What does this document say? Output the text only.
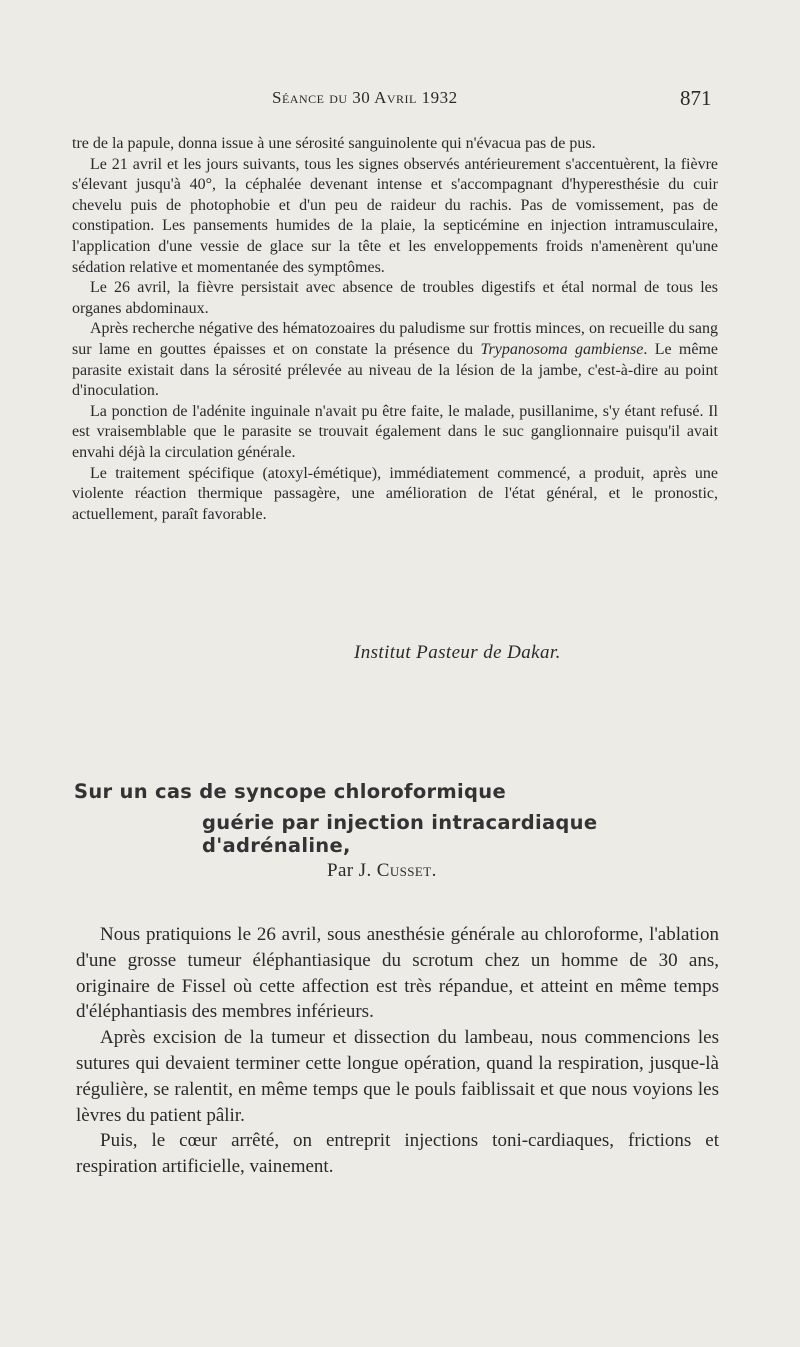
Séance du 30 Avril 1932	871

tre de la papule, donna issue à une sérosité sanguinolente qui n'évacua pas de pus.

Le 21 avril et les jours suivants, tous les signes observés antérieurement s'accentuèrent, la fièvre s'élevant jusqu'à 40°, la céphalée devenant intense et s'accompagnant d'hyperesthésie du cuir chevelu puis de photophobie et d'un peu de raideur du rachis. Pas de vomissement, pas de constipation. Les pansements humides de la plaie, la septicémine en injection intramusculaire, l'application d'une vessie de glace sur la tête et les enveloppements froids n'amenèrent qu'une sédation relative et momentanée des symptômes.

Le 26 avril, la fièvre persistait avec absence de troubles digestifs et étal normal de tous les organes abdominaux.

Après recherche négative des hématozoaires du paludisme sur frottis minces, on recueille du sang sur lame en gouttes épaisses et on constate la présence du Trypanosoma gambiense. Le même parasite existait dans la sérosité prélevée au niveau de la lésion de la jambe, c'est-à-dire au point d'inoculation.

La ponction de l'adénite inguinale n'avait pu être faite, le malade, pusillanime, s'y étant refusé. Il est vraisemblable que le parasite se trouvait également dans le suc ganglionnaire puisqu'il avait envahi déjà la circulation générale.

Le traitement spécifique (atoxyl-émétique), immédiatement commencé, a produit, après une violente réaction thermique passagère, une amélioration de l'état général, et le pronostic, actuellement, paraît favorable.

Institut Pasteur de Dakar.
Sur un cas de syncope chloroformique
guérie par injection intracardiaque d'adrénaline,
Par J. Cusset.

Nous pratiquions le 26 avril, sous anesthésie générale au chloroforme, l'ablation d'une grosse tumeur éléphantiasique du scrotum chez un homme de 30 ans, originaire de Fissel où cette affection est très répandue, et atteint en même temps d'éléphantiasis des membres inférieurs.

Après excision de la tumeur et dissection du lambeau, nous commencions les sutures qui devaient terminer cette longue opération, quand la respiration, jusque-là régulière, se ralentit, en même temps que le pouls faiblissait et que nous voyions les lèvres du patient pâlir.

Puis, le cœur arrêté, on entreprit injections toni-cardiaques, frictions et respiration artificielle, vainement.
